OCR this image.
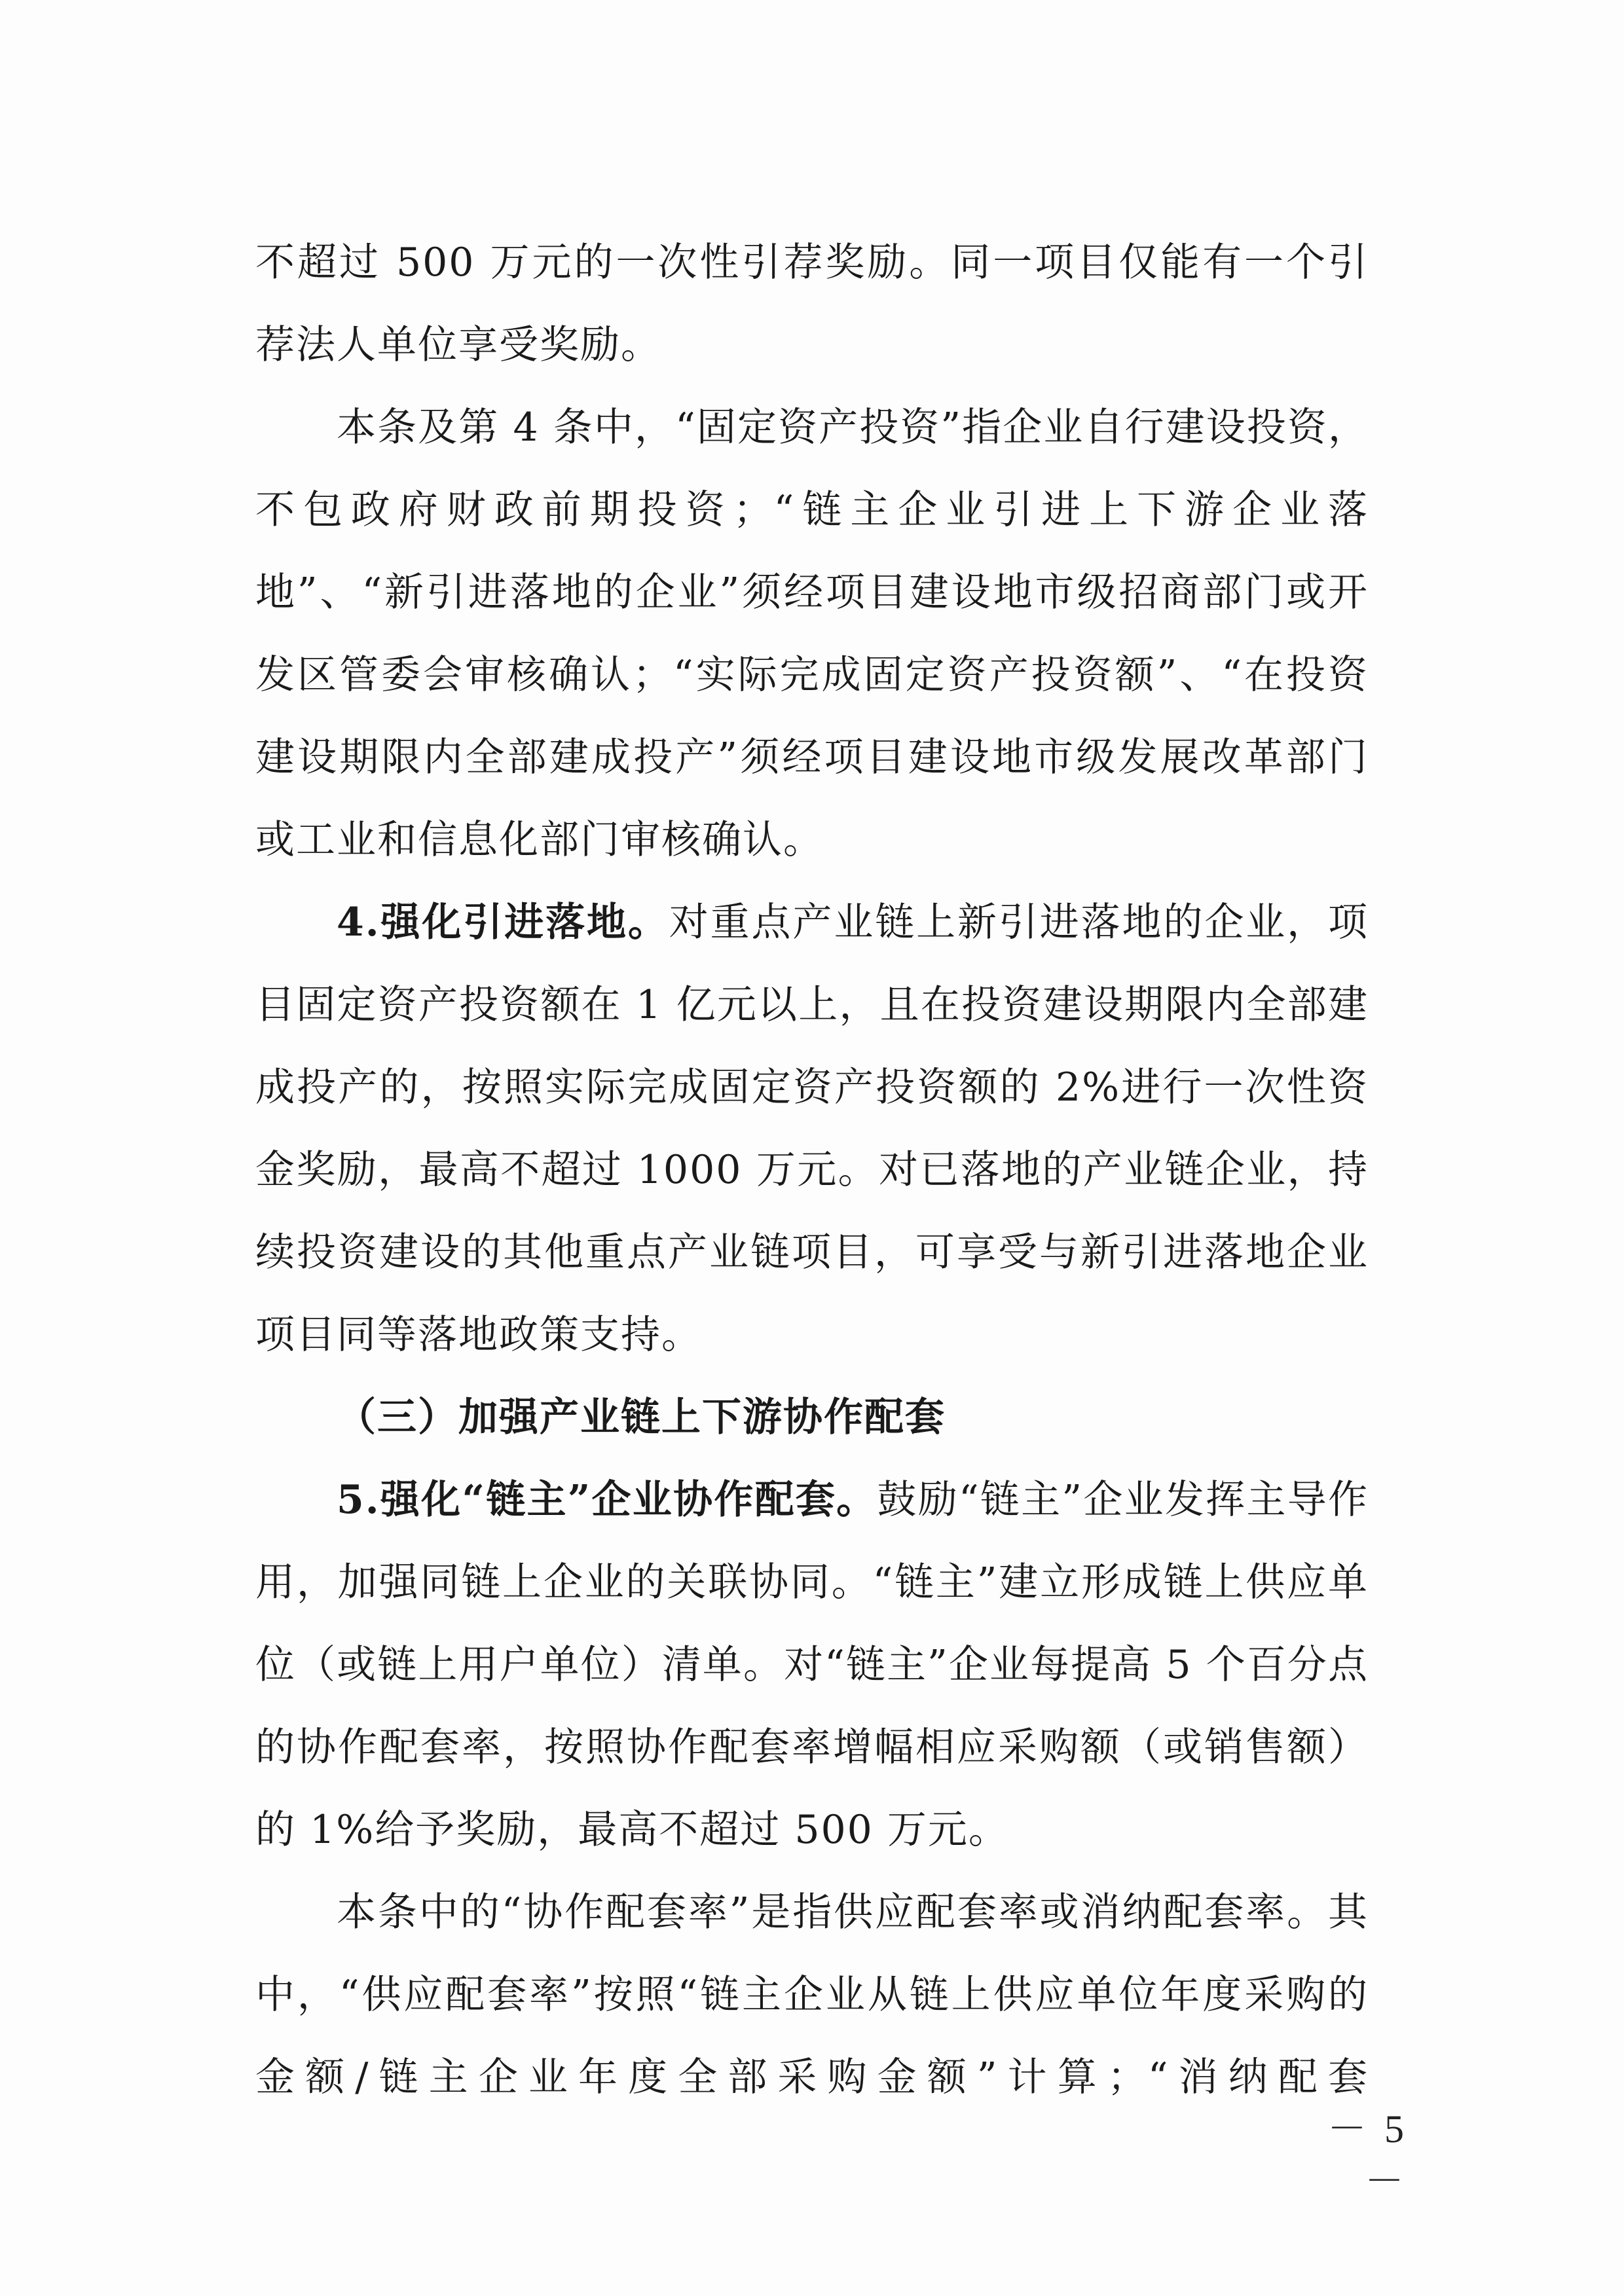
不超过 500 万元的一次性引荐奖励。同一项目仅能有一个引荐法人单位享受奖励。

本条及第 4 条中，“固定资产投资”指企业自行建设投资，不包政府财政前期投资；“链主企业引进上下游企业落地”、“新引进落地的企业”须经项目建设地市级招商部门或开发区管委会审核确认；“实际完成固定资产投资额”、“在投资建设期限内全部建成投产”须经项目建设地市级发展改革部门或工业和信息化部门审核确认。

4.强化引进落地。对重点产业链上新引进落地的企业，项目固定资产投资额在 1 亿元以上，且在投资建设期限内全部建成投产的，按照实际完成固定资产投资额的 2%进行一次性资金奖励，最高不超过 1000 万元。对已落地的产业链企业，持续投资建设的其他重点产业链项目，可享受与新引进落地企业项目同等落地政策支持。

（三）加强产业链上下游协作配套

5.强化“链主”企业协作配套。鼓励“链主”企业发挥主导作用，加强同链上企业的关联协同。“链主”建立形成链上供应单位（或链上用户单位）清单。对“链主”企业每提高 5 个百分点的协作配套率，按照协作配套率增幅相应采购额（或销售额）的 1%给予奖励，最高不超过 500 万元。

本条中的“协作配套率”是指供应配套率或消纳配套率。其中，“供应配套率”按照“链主企业从链上供应单位年度采购的金额/链主企业年度全部采购金额”计算；“消纳配套

－ 5 －
